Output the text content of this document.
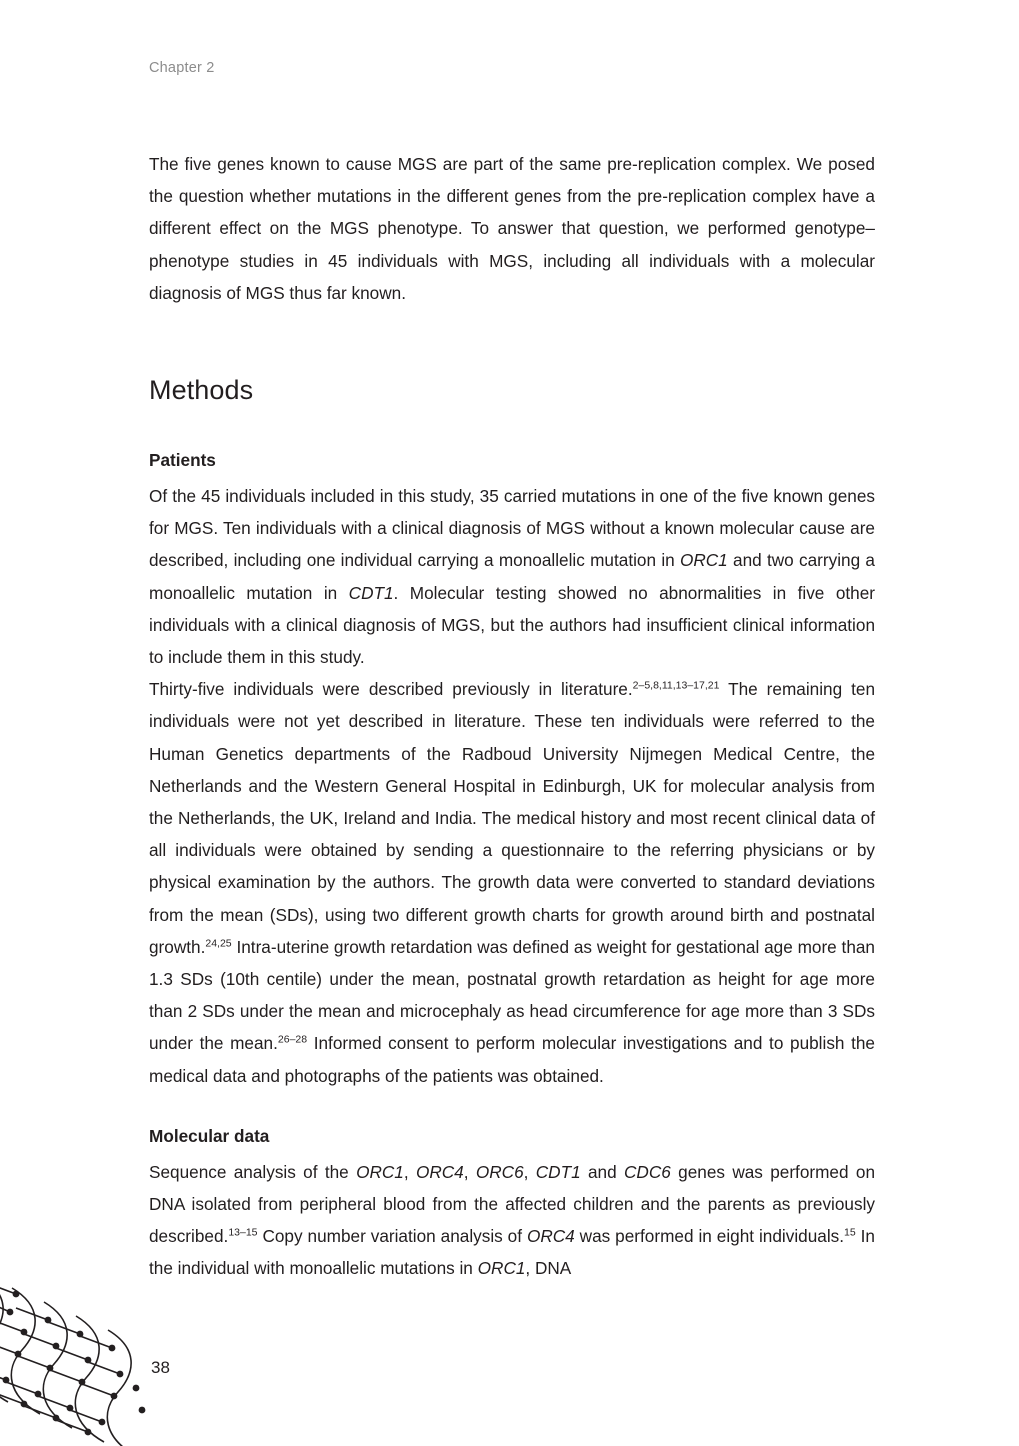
Chapter 2

The five genes known to cause MGS are part of the same pre-replication complex. We posed the question whether mutations in the different genes from the pre-replication complex have a different effect on the MGS phenotype. To answer that question, we performed genotype–phenotype studies in 45 individuals with MGS, including all individuals with a molecular diagnosis of MGS thus far known.

Methods
Patients

Of the 45 individuals included in this study, 35 carried mutations in one of the five known genes for MGS. Ten individuals with a clinical diagnosis of MGS without a known molecular cause are described, including one individual carrying a monoallelic mutation in ORC1 and two carrying a monoallelic mutation in CDT1. Molecular testing showed no abnormalities in five other individuals with a clinical diagnosis of MGS, but the authors had insufficient clinical information to include them in this study.

Thirty-five individuals were described previously in literature.$^{2-5,8,11,13-17,21}$ The remaining ten individuals were not yet described in literature. These ten individuals were referred to the Human Genetics departments of the Radboud University Nijmegen Medical Centre, the Netherlands and the Western General Hospital in Edinburgh, UK for molecular analysis from the Netherlands, the UK, Ireland and India. The medical history and most recent clinical data of all individuals were obtained by sending a questionnaire to the referring physicians or by physical examination by the authors. The growth data were converted to standard deviations from the mean (SDs), using two different growth charts for growth around birth and postnatal growth.$^{24,25}$ Intra-uterine growth retardation was defined as weight for gestational age more than 1.3 SDs (10th centile) under the mean, postnatal growth retardation as height for age more than 2 SDs under the mean and microcephaly as head circumference for age more than 3 SDs under the mean.$^{26-28}$ Informed consent to perform molecular investigations and to publish the medical data and photographs of the patients was obtained.

Molecular data

Sequence analysis of the ORC1, ORC4, ORC6, CDT1 and CDC6 genes was performed on DNA isolated from peripheral blood from the affected children and the parents as previously described.$^{13-15}$ Copy number variation analysis of ORC4 was performed in eight individuals.$^{15}$ In the individual with monoallelic mutations in ORC1, DNA

38
